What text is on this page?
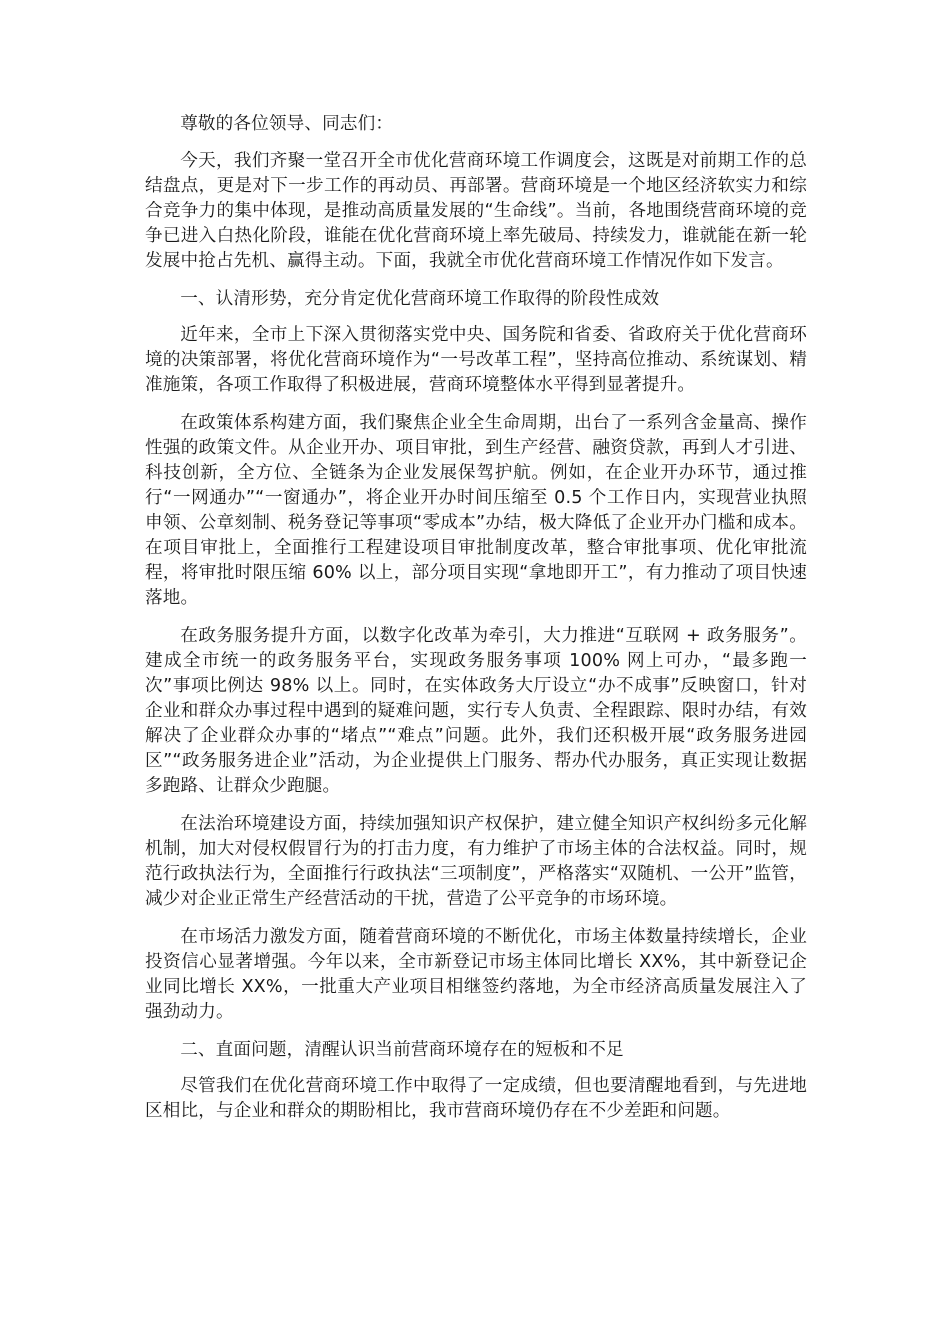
尊敬的各位领导、同志们：

今天，我们齐聚一堂召开全市优化营商环境工作调度会，这既是对前期工作的总结盘点，更是对下一步工作的再动员、再部署。营商环境是一个地区经济软实力和综合竞争力的集中体现，是推动高质量发展的“生命线”。当前，各地围绕营商环境的竞争已进入白热化阶段，谁能在优化营商环境上率先破局、持续发力，谁就能在新一轮发展中抢占先机、赢得主动。下面，我就全市优化营商环境工作情况作如下发言。

一、认清形势，充分肯定优化营商环境工作取得的阶段性成效

近年来，全市上下深入贯彻落实党中央、国务院和省委、省政府关于优化营商环境的决策部署，将优化营商环境作为“一号改革工程”，坚持高位推动、系统谋划、精准施策，各项工作取得了积极进展，营商环境整体水平得到显著提升。

在政策体系构建方面，我们聚焦企业全生命周期，出台了一系列含金量高、操作性强的政策文件。从企业开办、项目审批，到生产经营、融资贷款，再到人才引进、科技创新，全方位、全链条为企业发展保驾护航。例如，在企业开办环节，通过推行“一网通办”“一窗通办”，将企业开办时间压缩至 0.5 个工作日内，实现营业执照申领、公章刻制、税务登记等事项“零成本”办结，极大降低了企业开办门槛和成本。在项目审批上，全面推行工程建设项目审批制度改革，整合审批事项、优化审批流程，将审批时限压缩 60% 以上，部分项目实现“拿地即开工”，有力推动了项目快速落地。

在政务服务提升方面，以数字化改革为牵引，大力推进“互联网 + 政务服务”。建成全市统一的政务服务平台，实现政务服务事项 100% 网上可办，“最多跑一次”事项比例达 98% 以上。同时，在实体政务大厅设立“办不成事”反映窗口，针对企业和群众办事过程中遇到的疑难问题，实行专人负责、全程跟踪、限时办结，有效解决了企业群众办事的“堵点”“难点”问题。此外，我们还积极开展“政务服务进园区”“政务服务进企业”活动，为企业提供上门服务、帮办代办服务，真正实现让数据多跑路、让群众少跑腿。

在法治环境建设方面，持续加强知识产权保护，建立健全知识产权纠纷多元化解机制，加大对侵权假冒行为的打击力度，有力维护了市场主体的合法权益。同时，规范行政执法行为，全面推行行政执法“三项制度”，严格落实“双随机、一公开”监管，减少对企业正常生产经营活动的干扰，营造了公平竞争的市场环境。

在市场活力激发方面，随着营商环境的不断优化，市场主体数量持续增长，企业投资信心显著增强。今年以来，全市新登记市场主体同比增长 XX%，其中新登记企业同比增长 XX%，一批重大产业项目相继签约落地，为全市经济高质量发展注入了强劲动力。

二、直面问题，清醒认识当前营商环境存在的短板和不足

尽管我们在优化营商环境工作中取得了一定成绩，但也要清醒地看到，与先进地区相比，与企业和群众的期盼相比，我市营商环境仍存在不少差距和问题。
